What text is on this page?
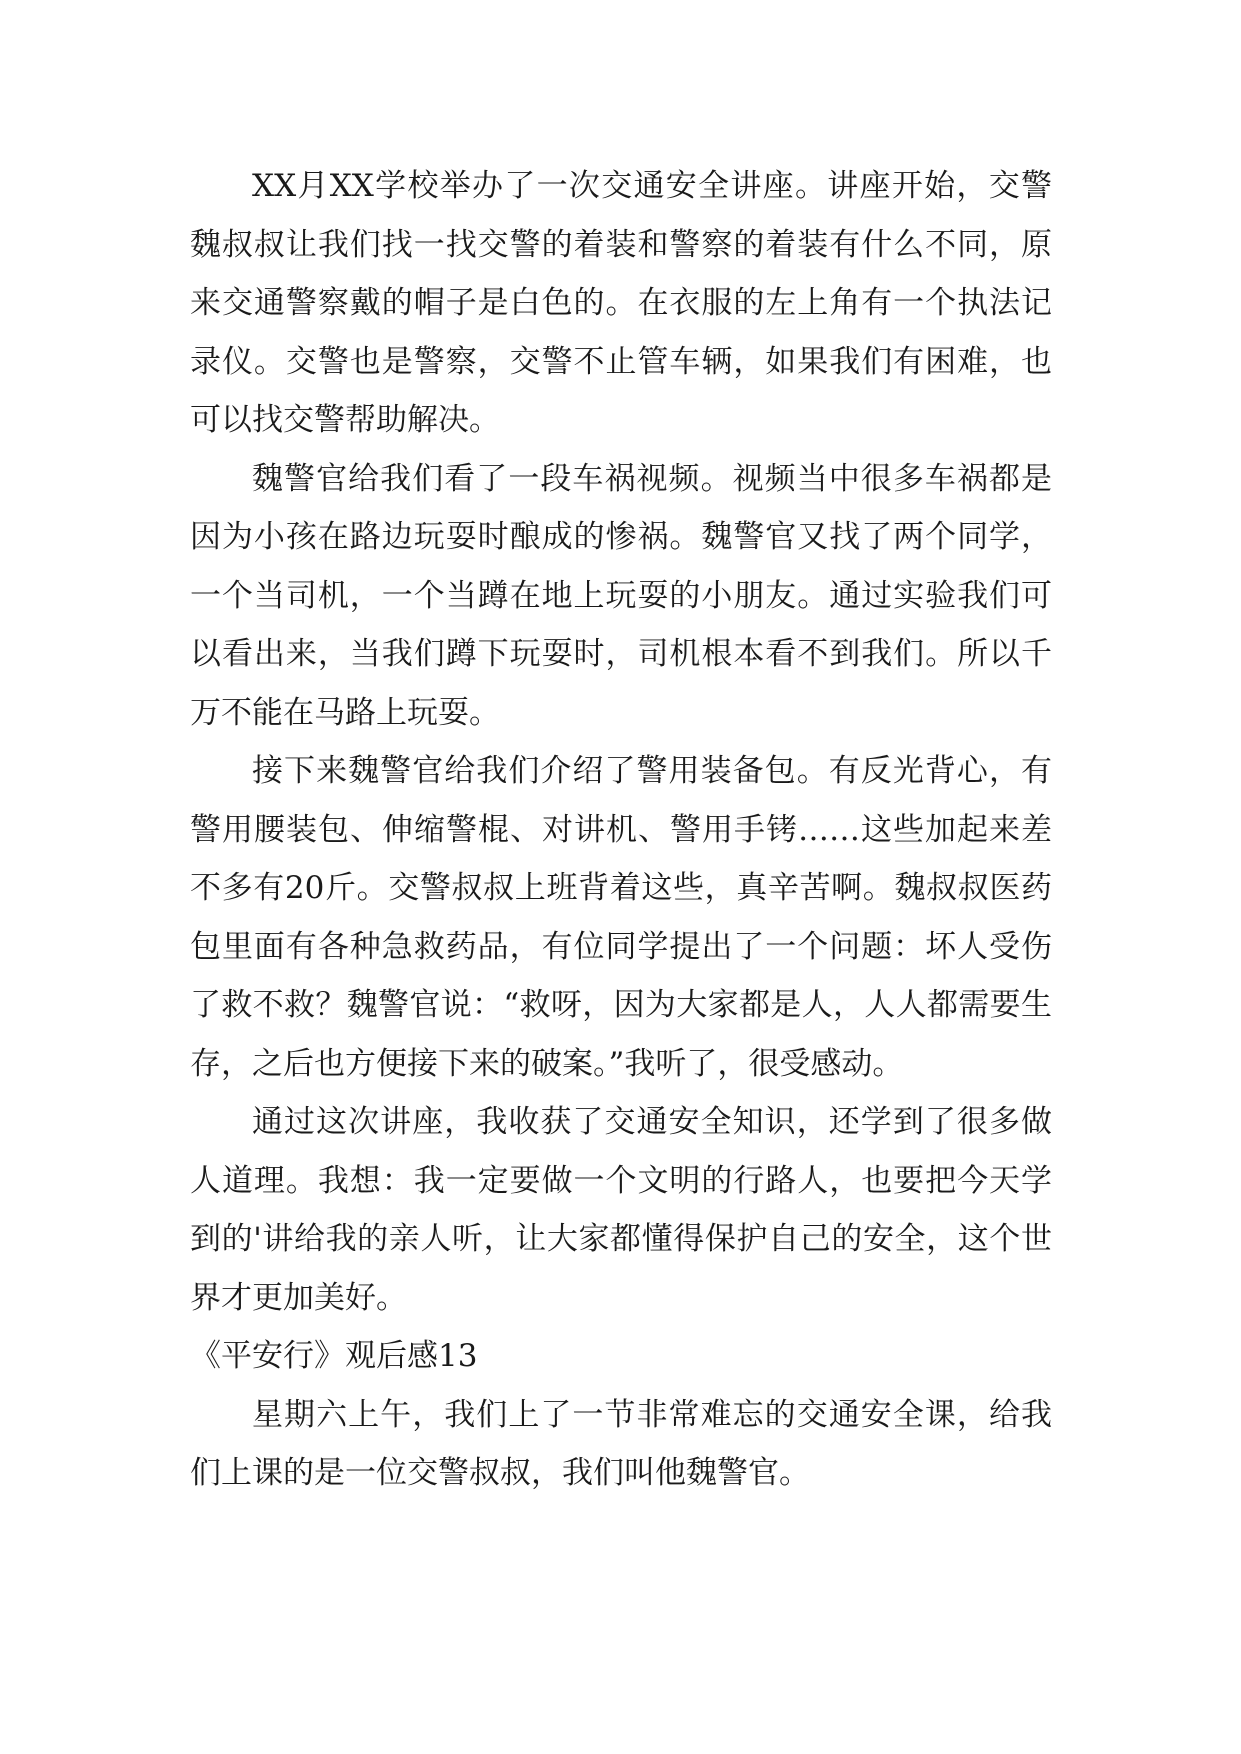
XX月XX学校举办了一次交通安全讲座。讲座开始，交警魏叔叔让我们找一找交警的着装和警察的着装有什么不同，原来交通警察戴的帽子是白色的。在衣服的左上角有一个执法记录仪。交警也是警察，交警不止管车辆，如果我们有困难，也可以找交警帮助解决。

魏警官给我们看了一段车祸视频。视频当中很多车祸都是因为小孩在路边玩耍时酿成的惨祸。魏警官又找了两个同学，一个当司机，一个当蹲在地上玩耍的小朋友。通过实验我们可以看出来，当我们蹲下玩耍时，司机根本看不到我们。所以千万不能在马路上玩耍。

接下来魏警官给我们介绍了警用装备包。有反光背心，有警用腰装包、伸缩警棍、对讲机、警用手铐……这些加起来差不多有20斤。交警叔叔上班背着这些，真辛苦啊。魏叔叔医药包里面有各种急救药品，有位同学提出了一个问题：坏人受伤了救不救？魏警官说：“救呀，因为大家都是人，人人都需要生存，之后也方便接下来的破案。”我听了，很受感动。

通过这次讲座，我收获了交通安全知识，还学到了很多做人道理。我想：我一定要做一个文明的行路人，也要把今天学到的'讲给我的亲人听，让大家都懂得保护自己的安全，这个世界才更加美好。

《平安行》观后感13

星期六上午，我们上了一节非常难忘的交通安全课，给我们上课的是一位交警叔叔，我们叫他魏警官。
